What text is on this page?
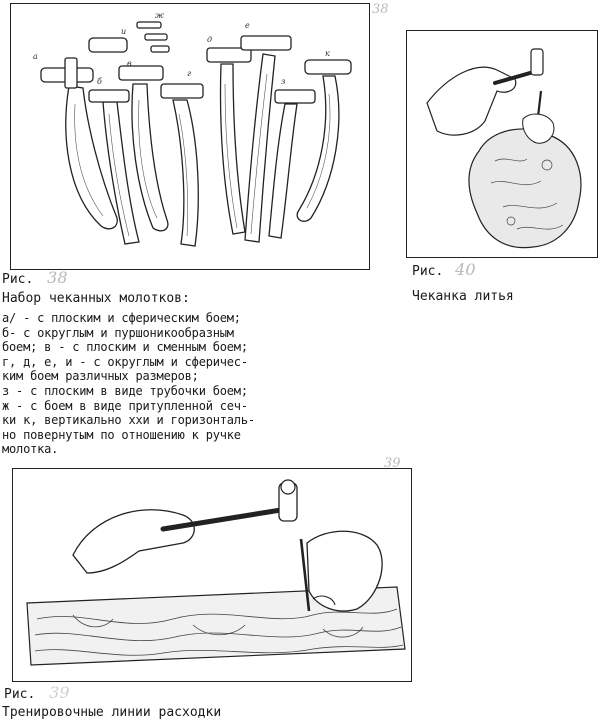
а
б
в
г
д
е
ж
з
и
к
38
Рис. 38
Набор чеканных молотков:
а/ - с плоским и сферическим боем;
б- с округлым и пуршоникообразным
боем; в - с плоским и сменным боем;
г, д, е, и - с округлым и сферичес-
ким боем различных размеров;
з - с плоским в виде трубочки боем;
ж - с боем в виде притупленной сеч-
ки к, вертикально ххи и горизонталь-
но повернутым по отношению к ручке
молотка.
Рис. 40
Чеканка литья
39
Рис. 39
Тренировочные линии расходки
